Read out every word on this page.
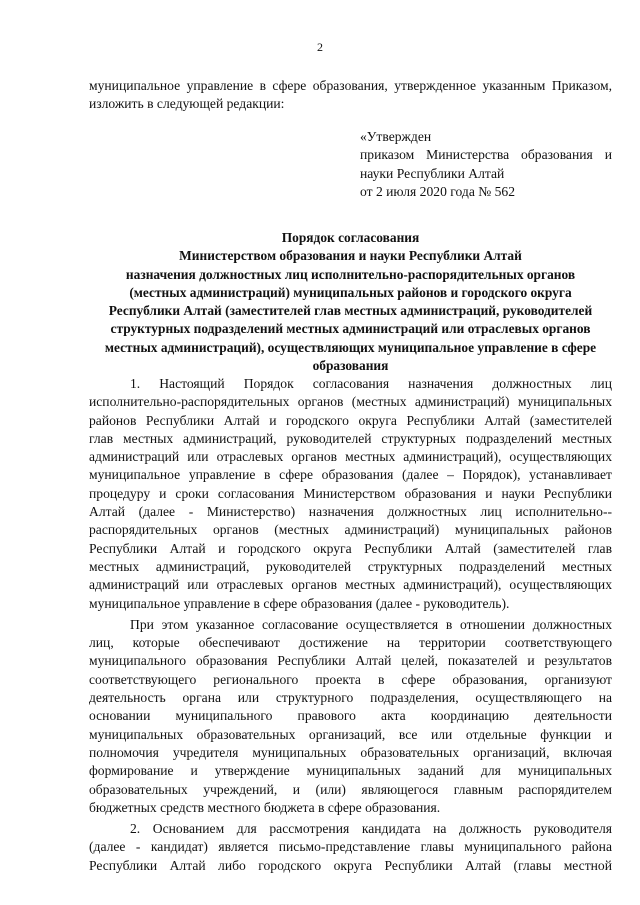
2
муниципальное управление в сфере образования, утвержденное указанным Приказом,
изложить в следующей редакции:
«Утвержден
приказом Министерства образования и
науки Республики Алтай
от 2 июля 2020 года № 562
Порядок согласования
Министерством образования и науки Республики Алтай
назначения должностных лиц исполнительно-распорядительных органов
(местных администраций) муниципальных районов и городского округа
Республики Алтай (заместителей глав местных администраций, руководителей
структурных подразделений местных администраций или отраслевых органов
местных администраций), осуществляющих муниципальное управление в сфере
образования

1. Настоящий Порядок согласования назначения должностных лиц
исполнительно-распорядительных органов (местных администраций) муниципальных
районов Республики Алтай и городского округа Республики Алтай (заместителей
глав местных администраций, руководителей структурных подразделений местных
администраций или отраслевых органов местных администраций), осуществляющих
муниципальное управление в сфере образования (далее – Порядок), устанавливает
процедуру и сроки согласования Министерством образования и науки Республики
Алтай (далее - Министерство) назначения должностных лиц исполнительно--
распорядительных органов (местных администраций) муниципальных районов
Республики Алтай и городского округа Республики Алтай (заместителей глав
местных администраций, руководителей структурных подразделений местных
администраций или отраслевых органов местных администраций), осуществляющих
муниципальное управление в сфере образования (далее - руководитель).

При этом указанное согласование осуществляется в отношении должностных
лиц, которые обеспечивают достижение на территории соответствующего
муниципального образования Республики Алтай целей, показателей и результатов
соответствующего регионального проекта в сфере образования, организуют
деятельность органа или структурного подразделения, осуществляющего на
основании муниципального правового акта координацию деятельности
муниципальных образовательных организаций, все или отдельные функции и
полномочия учредителя муниципальных образовательных организаций, включая
формирование и утверждение муниципальных заданий для муниципальных
образовательных учреждений, и (или) являющегося главным распорядителем
бюджетных средств местного бюджета в сфере образования.

2. Основанием для рассмотрения кандидата на должность руководителя
(далее - кандидат) является письмо-представление главы муниципального района
Республики Алтай либо городского округа Республики Алтай (главы местной
